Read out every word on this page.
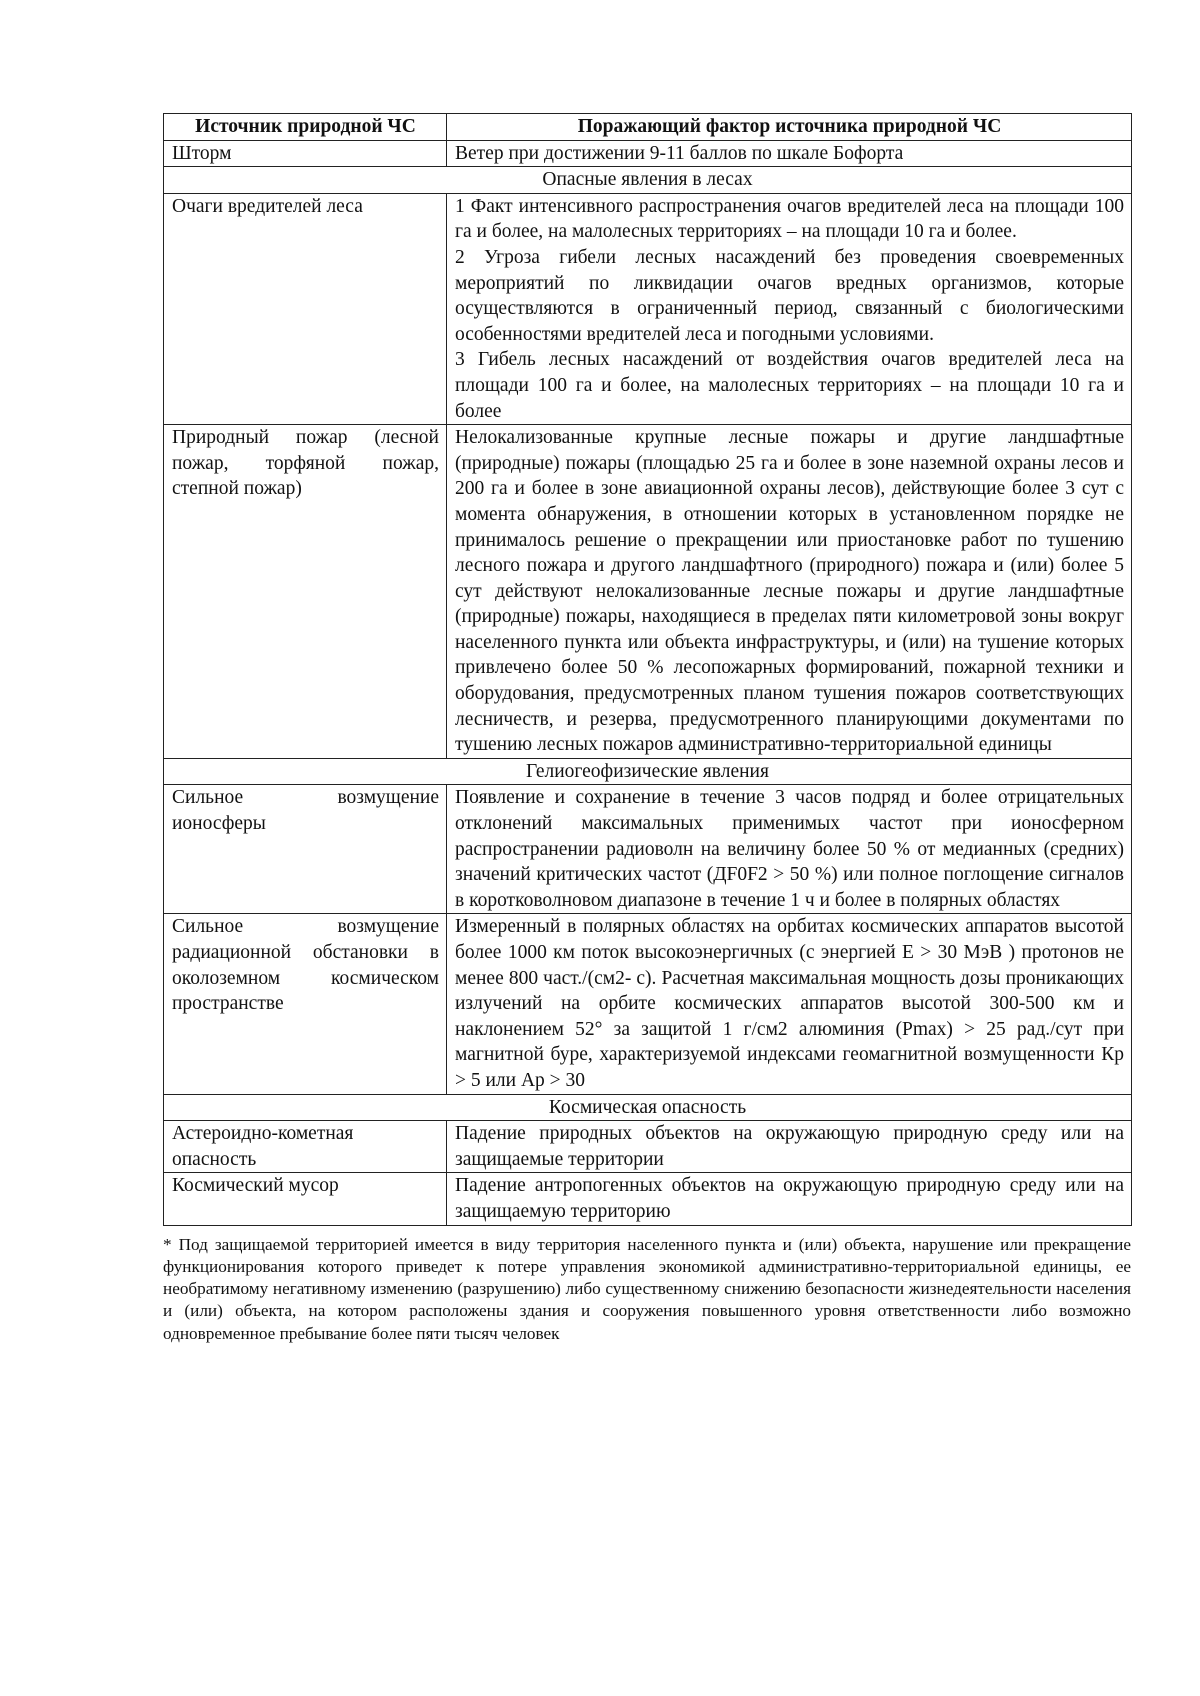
Источник природной ЧС	Поражающий фактор источника природной ЧС
Шторм	Ветер при достижении 9-11 баллов по шкале Бофорта
Опасные явления в лесах	
Очаги вредителей леса	1 Факт интенсивного распространения очагов вредителей леса на площади 100 га и более, на малолесных территориях – на площади 10 га и более.
2 Угроза гибели лесных насаждений без проведения своевременных мероприятий по ликвидации очагов вредных организмов, которые осуществляются в ограниченный период, связанный с биологическими особенностями вредителей леса и погодными условиями.
3 Гибель лесных насаждений от воздействия очагов вредителей леса на площади 100 га и более, на малолесных территориях – на площади 10 га и более

Природный пожар (лесной пожар, торфяной пожар, степной пожар)	Нелокализованные крупные лесные пожары и другие ландшафтные (природные) пожары (площадью 25 га и более в зоне наземной охраны лесов и 200 га и более в зоне авиационной охраны лесов), действующие более 3 сут с момента обнаружения, в отношении которых в установленном порядке не принималось решение о прекращении или приостановке работ по тушению лесного пожара и другого ландшафтного (природного) пожара и (или) более 5 сут действуют нелокализованные лесные пожары и другие ландшафтные (природные) пожары, находящиеся в пределах пяти километровой зоны вокруг населенного пункта или объекта инфраструктуры, и (или) на тушение которых привлечено более 50 % лесопожарных формирований, пожарной техники и оборудования, предусмотренных планом тушения пожаров соответствующих лесничеств, и резерва, предусмотренного планирующими документами по тушению лесных пожаров административно-территориальной единицы
Гелиогеофизические явления	
Сильное возмущение ионосферы	Появление и сохранение в течение 3 часов подряд и более отрицательных отклонений максимальных применимых частот при ионосферном распространении радиоволн на величину более 50 % от медианных (средних) значений критических частот (ДF0F2 > 50 %) или полное поглощение сигналов в коротковолновом диапазоне в течение 1 ч и более в полярных областях
Сильное возмущение радиационной обстановки в околоземном космическом пространстве	Измеренный в полярных областях на орбитах космических аппаратов высотой более 1000 км поток высокоэнергичных (с энергией Е > 30 МэВ ) протонов не менее 800 част./(см2- с). Расчетная максимальная мощность дозы проникающих излучений на орбите космических аппаратов высотой 300-500 км и наклонением 52° за защитой 1 г/см2 алюминия (Pmax) > 25 рад./сут при магнитной буре, характеризуемой индексами геомагнитной возмущенности Кр > 5 или Ар > 30
Космическая опасность	
Астероидно-кометная опасность	Падение природных объектов на окружающую природную среду или на защищаемые территории
Космический мусор	Падение антропогенных объектов на окружающую природную среду или на защищаемую территорию
* Под защищаемой территорией имеется в виду территория населенного пункта и (или) объекта, нарушение или прекращение функционирования которого приведет к потере управления экономикой административно-территориальной единицы, ее необратимому негативному изменению (разрушению) либо существенному снижению безопасности жизнедеятельности населения и (или) объекта, на котором расположены здания и сооружения повышенного уровня ответственности либо возможно одновременное пребывание более пяти тысяч человек
